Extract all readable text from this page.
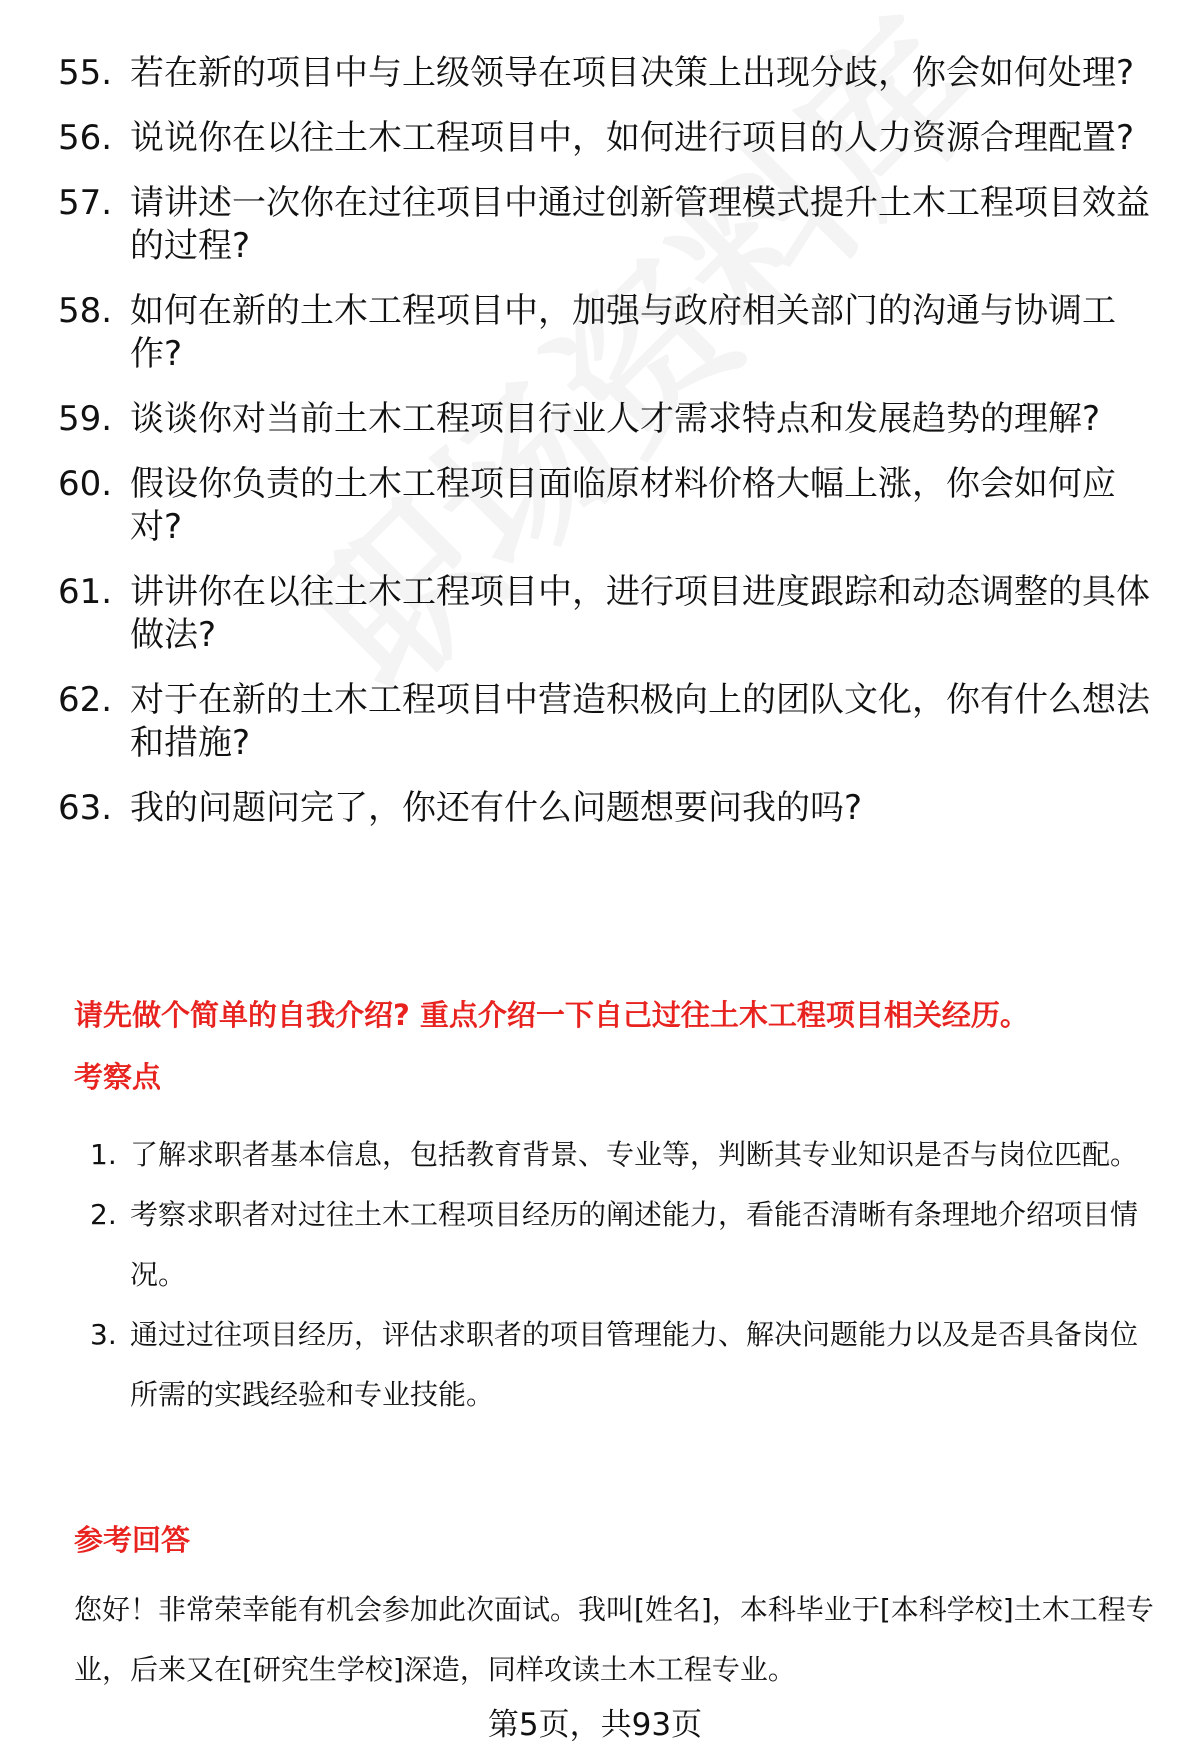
55. 若在新的项目中与上级领导在项目决策上出现分歧，你会如何处理?
56. 说说你在以往土木工程项目中，如何进行项目的人力资源合理配置?
57. 请讲述一次你在过往项目中通过创新管理模式提升土木工程项目效益的过程?
58. 如何在新的土木工程项目中，加强与政府相关部门的沟通与协调工作?
59. 谈谈你对当前土木工程项目行业人才需求特点和发展趋势的理解?
60. 假设你负责的土木工程项目面临原材料价格大幅上涨，你会如何应对?
61. 讲讲你在以往土木工程项目中，进行项目进度跟踪和动态调整的具体做法?
62. 对于在新的土木工程项目中营造积极向上的团队文化，你有什么想法和措施?
63. 我的问题问完了，你还有什么问题想要问我的吗?
请先做个简单的自我介绍? 重点介绍一下自己过往土木工程项目相关经历。
考察点
1. 了解求职者基本信息，包括教育背景、专业等，判断其专业知识是否与岗位匹配。
2. 考察求职者对过往土木工程项目经历的阐述能力，看能否清晰有条理地介绍项目情况。
3. 通过过往项目经历，评估求职者的项目管理能力、解决问题能力以及是否具备岗位所需的实践经验和专业技能。
参考回答

您好！非常荣幸能有机会参加此次面试。我叫[姓名]，本科毕业于[本科学校]土木工程专业，后来又在[研究生学校]深造，同样攻读土木工程专业。

第5页，共93页
